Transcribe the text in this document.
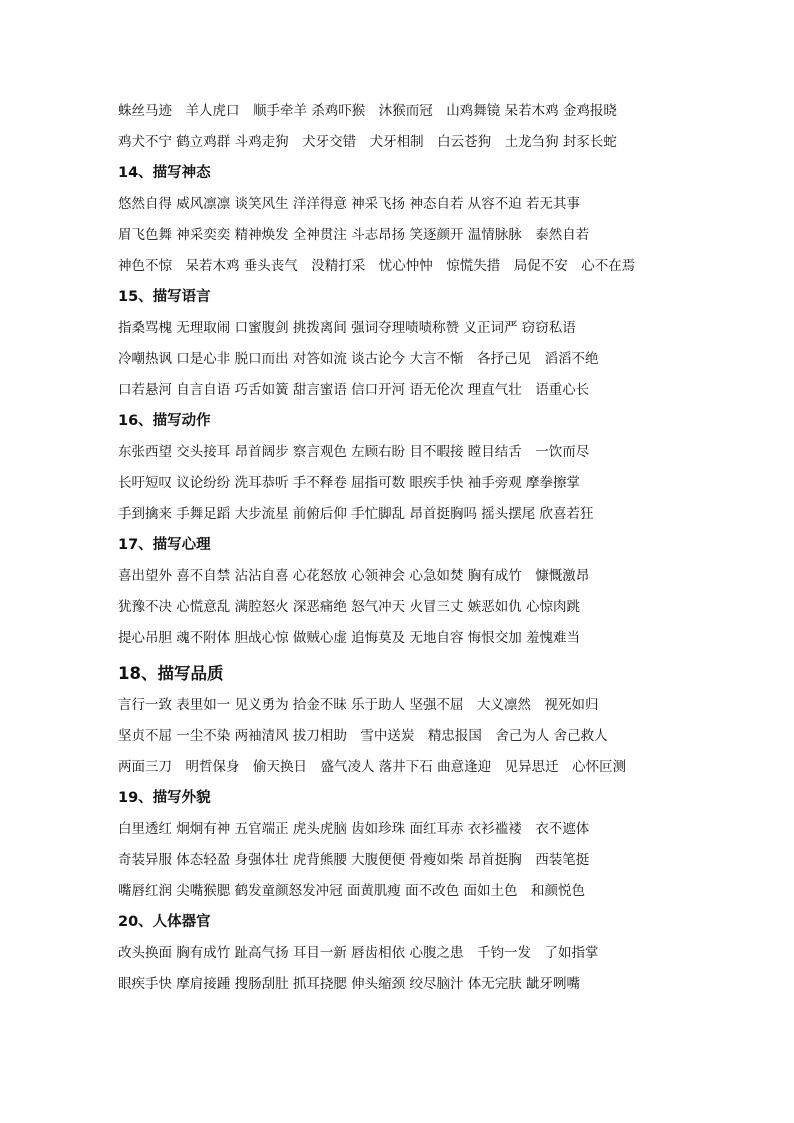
蛛丝马迹　羊人虎口　顺手牵羊 杀鸡吓猴　沐猴而冠　山鸡舞镜 呆若木鸡 金鸡报晓
鸡犬不宁 鹤立鸡群 斗鸡走狗　犬牙交错　犬牙相制　白云苍狗　土龙刍狗 封豕长蛇
14、描写神态
悠然自得 威风凛凛 谈笑风生 洋洋得意 神采飞扬 神态自若 从容不迫 若无其事
眉飞色舞 神采奕奕 精神焕发 全神贯注 斗志昂扬 笑逐颜开 温情脉脉　泰然自若
神色不惊　呆若木鸡 垂头丧气　没精打采　忧心忡忡　惊慌失措　局促不安　心不在焉
15、描写语言
指桑骂槐 无理取闹 口蜜腹剑 挑拨离间 强词夺理啧啧称赞 义正词严 窃窃私语
冷嘲热讽 口是心非 脱口而出 对答如流 谈古论今 大言不惭　各抒己见　滔滔不绝
口若悬河 自言自语 巧舌如簧 甜言蜜语 信口开河 语无伦次 理直气壮　语重心长
16、描写动作
东张西望 交头接耳 昂首阔步 察言观色 左顾右盼 目不暇接 瞠目结舌　一饮而尽
长吁短叹 议论纷纷 洗耳恭听 手不释卷 屈指可数 眼疾手快 袖手旁观 摩拳擦掌
手到擒来 手舞足蹈 大步流星 前俯后仰 手忙脚乱 昂首挺胸吗 摇头摆尾 欣喜若狂
17、描写心理
喜出望外 喜不自禁 沾沾自喜 心花怒放 心领神会 心急如焚 胸有成竹　慷慨激昂
犹豫不决 心慌意乱 满腔怒火 深恶痛绝 怒气冲天 火冒三丈 嫉恶如仇 心惊肉跳
提心吊胆 魂不附体 胆战心惊 做贼心虚 追悔莫及 无地自容 悔恨交加 羞愧难当
18、描写品质
言行一致 表里如一 见义勇为 拾金不昧 乐于助人 坚强不屈　大义凛然　视死如归
坚贞不屈 一尘不染 两袖清风 拔刀相助　雪中送炭　精忠报国　舍己为人 舍己救人
两面三刀　明哲保身　偷天换日　盛气凌人 落井下石 曲意逢迎　见异思迁　心怀叵测
19、描写外貌
白里透红 炯炯有神 五官端正 虎头虎脑 齿如珍珠 面红耳赤 衣衫褴褛　衣不遮体
奇装异服 体态轻盈 身强体壮 虎背熊腰 大腹便便 骨瘦如柴 昂首挺胸　西装笔挺
嘴唇红润 尖嘴猴腮 鹤发童颜怒发冲冠 面黄肌瘦 面不改色 面如土色　和颜悦色
20、人体器官
改头换面 胸有成竹 趾高气扬 耳目一新 唇齿相依 心腹之患　千钧一发　了如指掌
眼疾手快 摩肩接踵 搜肠刮肚 抓耳挠腮 伸头缩颈 绞尽脑汁 体无完肤 龇牙咧嘴
